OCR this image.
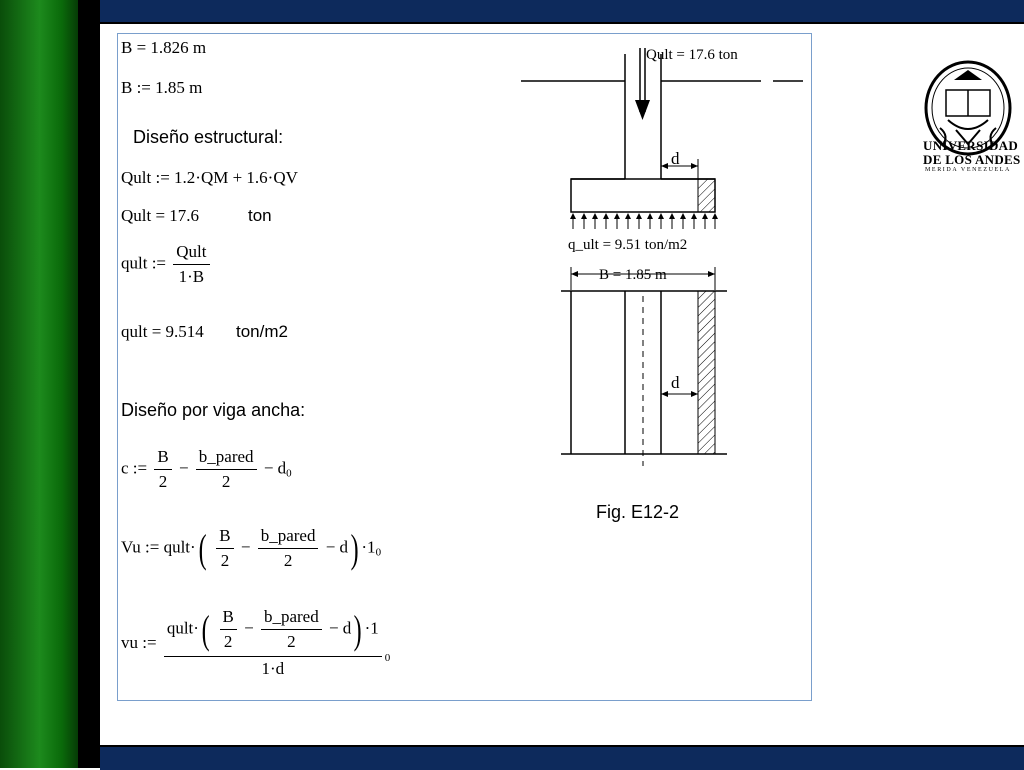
B = 1.826 m
B := 1.85 m
Diseño estructural:
Qult := 1.2·QM + 1.6·QV
Qult = 17.6	ton
qult := $\frac{\text{Qult}}{1\cdot B}$
qult = 9.514 ton/m2
Diseño por viga ancha:
c := $\frac{B}{2} - \frac{\text{b\_pared}}{2} - d_0$
Vu := qult·( $\frac{B}{2} - \frac{\text{b\_pared}}{2} - d) \cdot 1_0$
vu :=
qult·( $\frac{B}{2} - \frac{\text{b\_pared}}{2} - d) \cdot 1$
1·d
$_0$
d
Qult = 17.6 ton
q_ult = 9.51 ton/m2
B = 1.85 m
d
Fig. E12-2
UNIVERSIDAD
DE LOS ANDES
MERIDA VENEZUELA
